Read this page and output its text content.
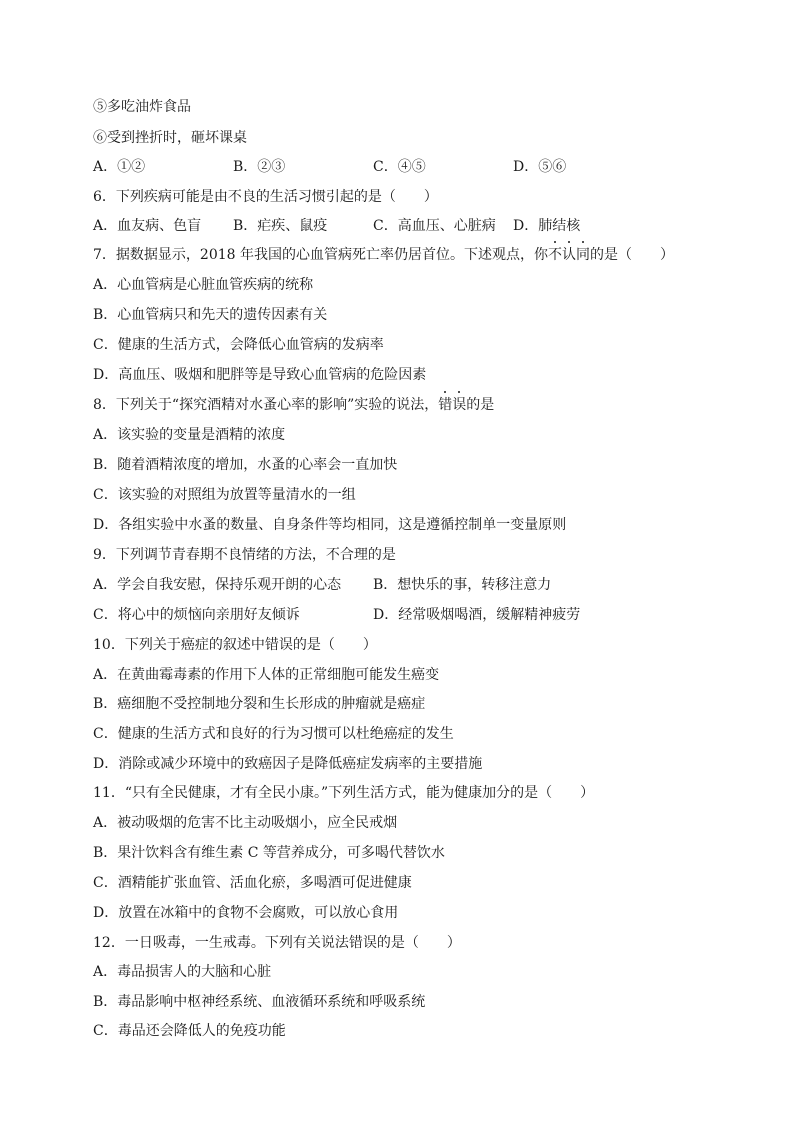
⑤多吃油炸食品
⑥受到挫折时，砸坏课桌
A．①②	B．②③	C．④⑤	D．⑤⑥
6．下列疾病可能是由不良的生活习惯引起的是（　　）
A．血友病、色盲 B．疟疾、鼠疫	C．高血压、心脏病 D．肺结核
7．据数据显示，2018 年我国的心血管病死亡率仍居首位。下述观点，你
不认同的是（　　）
A．心血管病是心脏血管疾病的统称
B．心血管病只和先天的遗传因素有关
C．健康的生活方式，会降低心血管病的发病率
D．高血压、吸烟和肥胖等是导致心血管病的危险因素
8．下列关于“探究酒精对水蚤心率的影响”实验的说法，
错误的是
A．该实验的变量是酒精的浓度
B．随着酒精浓度的增加，水蚤的心率会一直加快
C．该实验的对照组为放置等量清水的一组
D．各组实验中水蚤的数量、自身条件等均相同，这是遵循控制单一变量原则
9．下列调节青春期不良情绪的方法，不合理的是
A．学会自我安慰，保持乐观开朗的心态 B．想快乐的事，转移注意力
C．将心中的烦恼向亲朋好友倾诉	D．经常吸烟喝酒，缓解精神疲劳
10．下列关于癌症的叙述中错误的是（　　）
A．在黄曲霉毒素的作用下人体的正常细胞可能发生癌变
B．癌细胞不受控制地分裂和生长形成的肿瘤就是癌症
C．健康的生活方式和良好的行为习惯可以杜绝癌症的发生
D．消除或减少环境中的致癌因子是降低癌症发病率的主要措施
11．“只有全民健康，才有全民小康。”下列生活方式，能为健康加分的是（　　）
A．被动吸烟的危害不比主动吸烟小，应全民戒烟
B．果汁饮料含有维生素 C 等营养成分，可多喝代替饮水
C．酒精能扩张血管、活血化瘀，多喝酒可促进健康
D．放置在冰箱中的食物不会腐败，可以放心食用
12．一日吸毒，一生戒毒。下列有关说法错误的是（　　）
A．毒品损害人的大脑和心脏
B．毒品影响中枢神经系统、血液循环系统和呼吸系统
C．毒品还会降低人的免疫功能
